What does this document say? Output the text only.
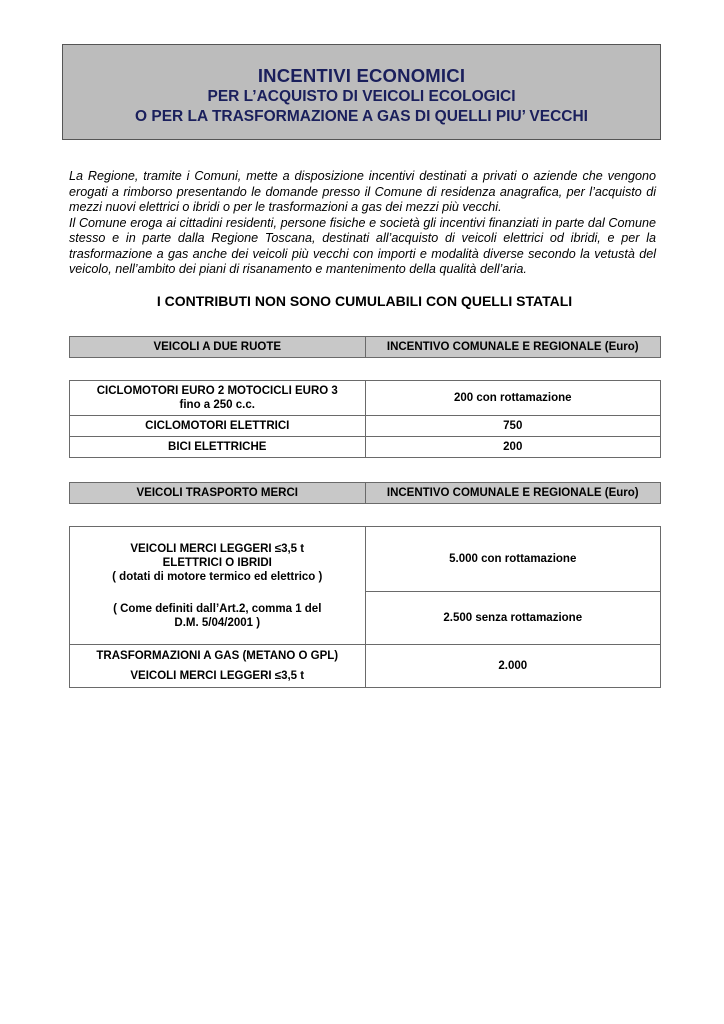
INCENTIVI ECONOMICI
PER L’ACQUISTO DI VEICOLI ECOLOGICI
O PER LA TRASFORMAZIONE A GAS DI QUELLI PIU’ VECCHI

La Regione, tramite i Comuni, mette a disposizione incentivi destinati a privati o aziende che vengono erogati a rimborso presentando le domande presso il Comune di residenza anagrafica, per l’acquisto di mezzi nuovi elettrici o ibridi o per le trasformazioni a gas dei mezzi più vecchi.

Il Comune eroga ai cittadini residenti, persone fisiche e società gli incentivi finanziati in parte dal Comune stesso e in parte dalla Regione Toscana, destinati all’acquisto di veicoli elettrici od ibridi, e per la trasformazione a gas anche dei veicoli più vecchi con importi e modalità diverse secondo la vetustà del veicolo, nell’ambito dei piani di risanamento e mantenimento della qualità dell’aria.

I CONTRIBUTI NON SONO CUMULABILI CON QUELLI STATALI
VEICOLI A DUE RUOTE	INCENTIVO COMUNALE E REGIONALE (Euro)
CICLOMOTORI EURO 2 MOTOCICLI EURO 3
fino a 250 c.c.	200 con rottamazione
CICLOMOTORI ELETTRICI	750
BICI ELETTRICHE	200
VEICOLI TRASPORTO MERCI	INCENTIVO COMUNALE E REGIONALE (Euro)
VEICOLI MERCI LEGGERI ≤3,5 t
ELETTRICI O IBRIDI
( dotati di motore termico ed elettrico )
( Come definiti dall’Art.2, comma 1 del
D.M. 5/04/2001 )	5.000 con rottamazione
	2.500 senza rottamazione

TRASFORMAZIONI A GAS (METANO O GPL)
VEICOLI MERCI LEGGERI ≤3,5 t	2.000
